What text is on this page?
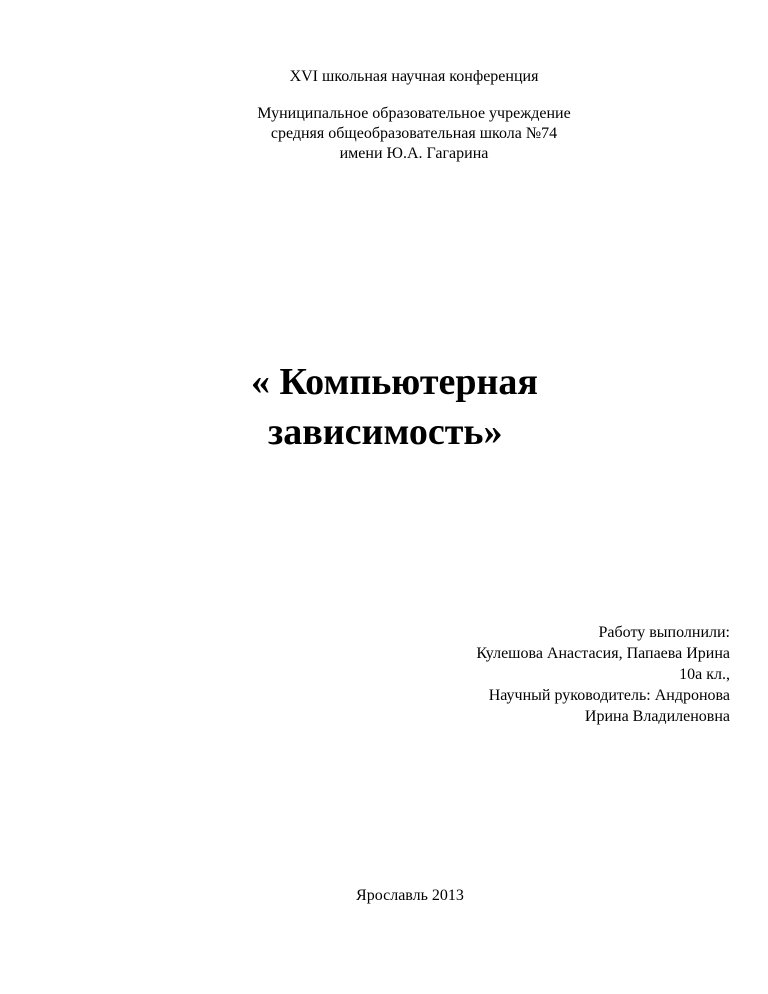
XVI школьная научная конференция
Муниципальное образовательное учреждение
средняя общеобразовательная школа №74
имени Ю.А. Гагарина
« Компьютерная
зависимость»
Работу выполнили:
Кулешова Анастасия, Папаева Ирина
10а кл.,
Научный руководитель: Андронова
Ирина Владиленовна
Ярославль 2013
